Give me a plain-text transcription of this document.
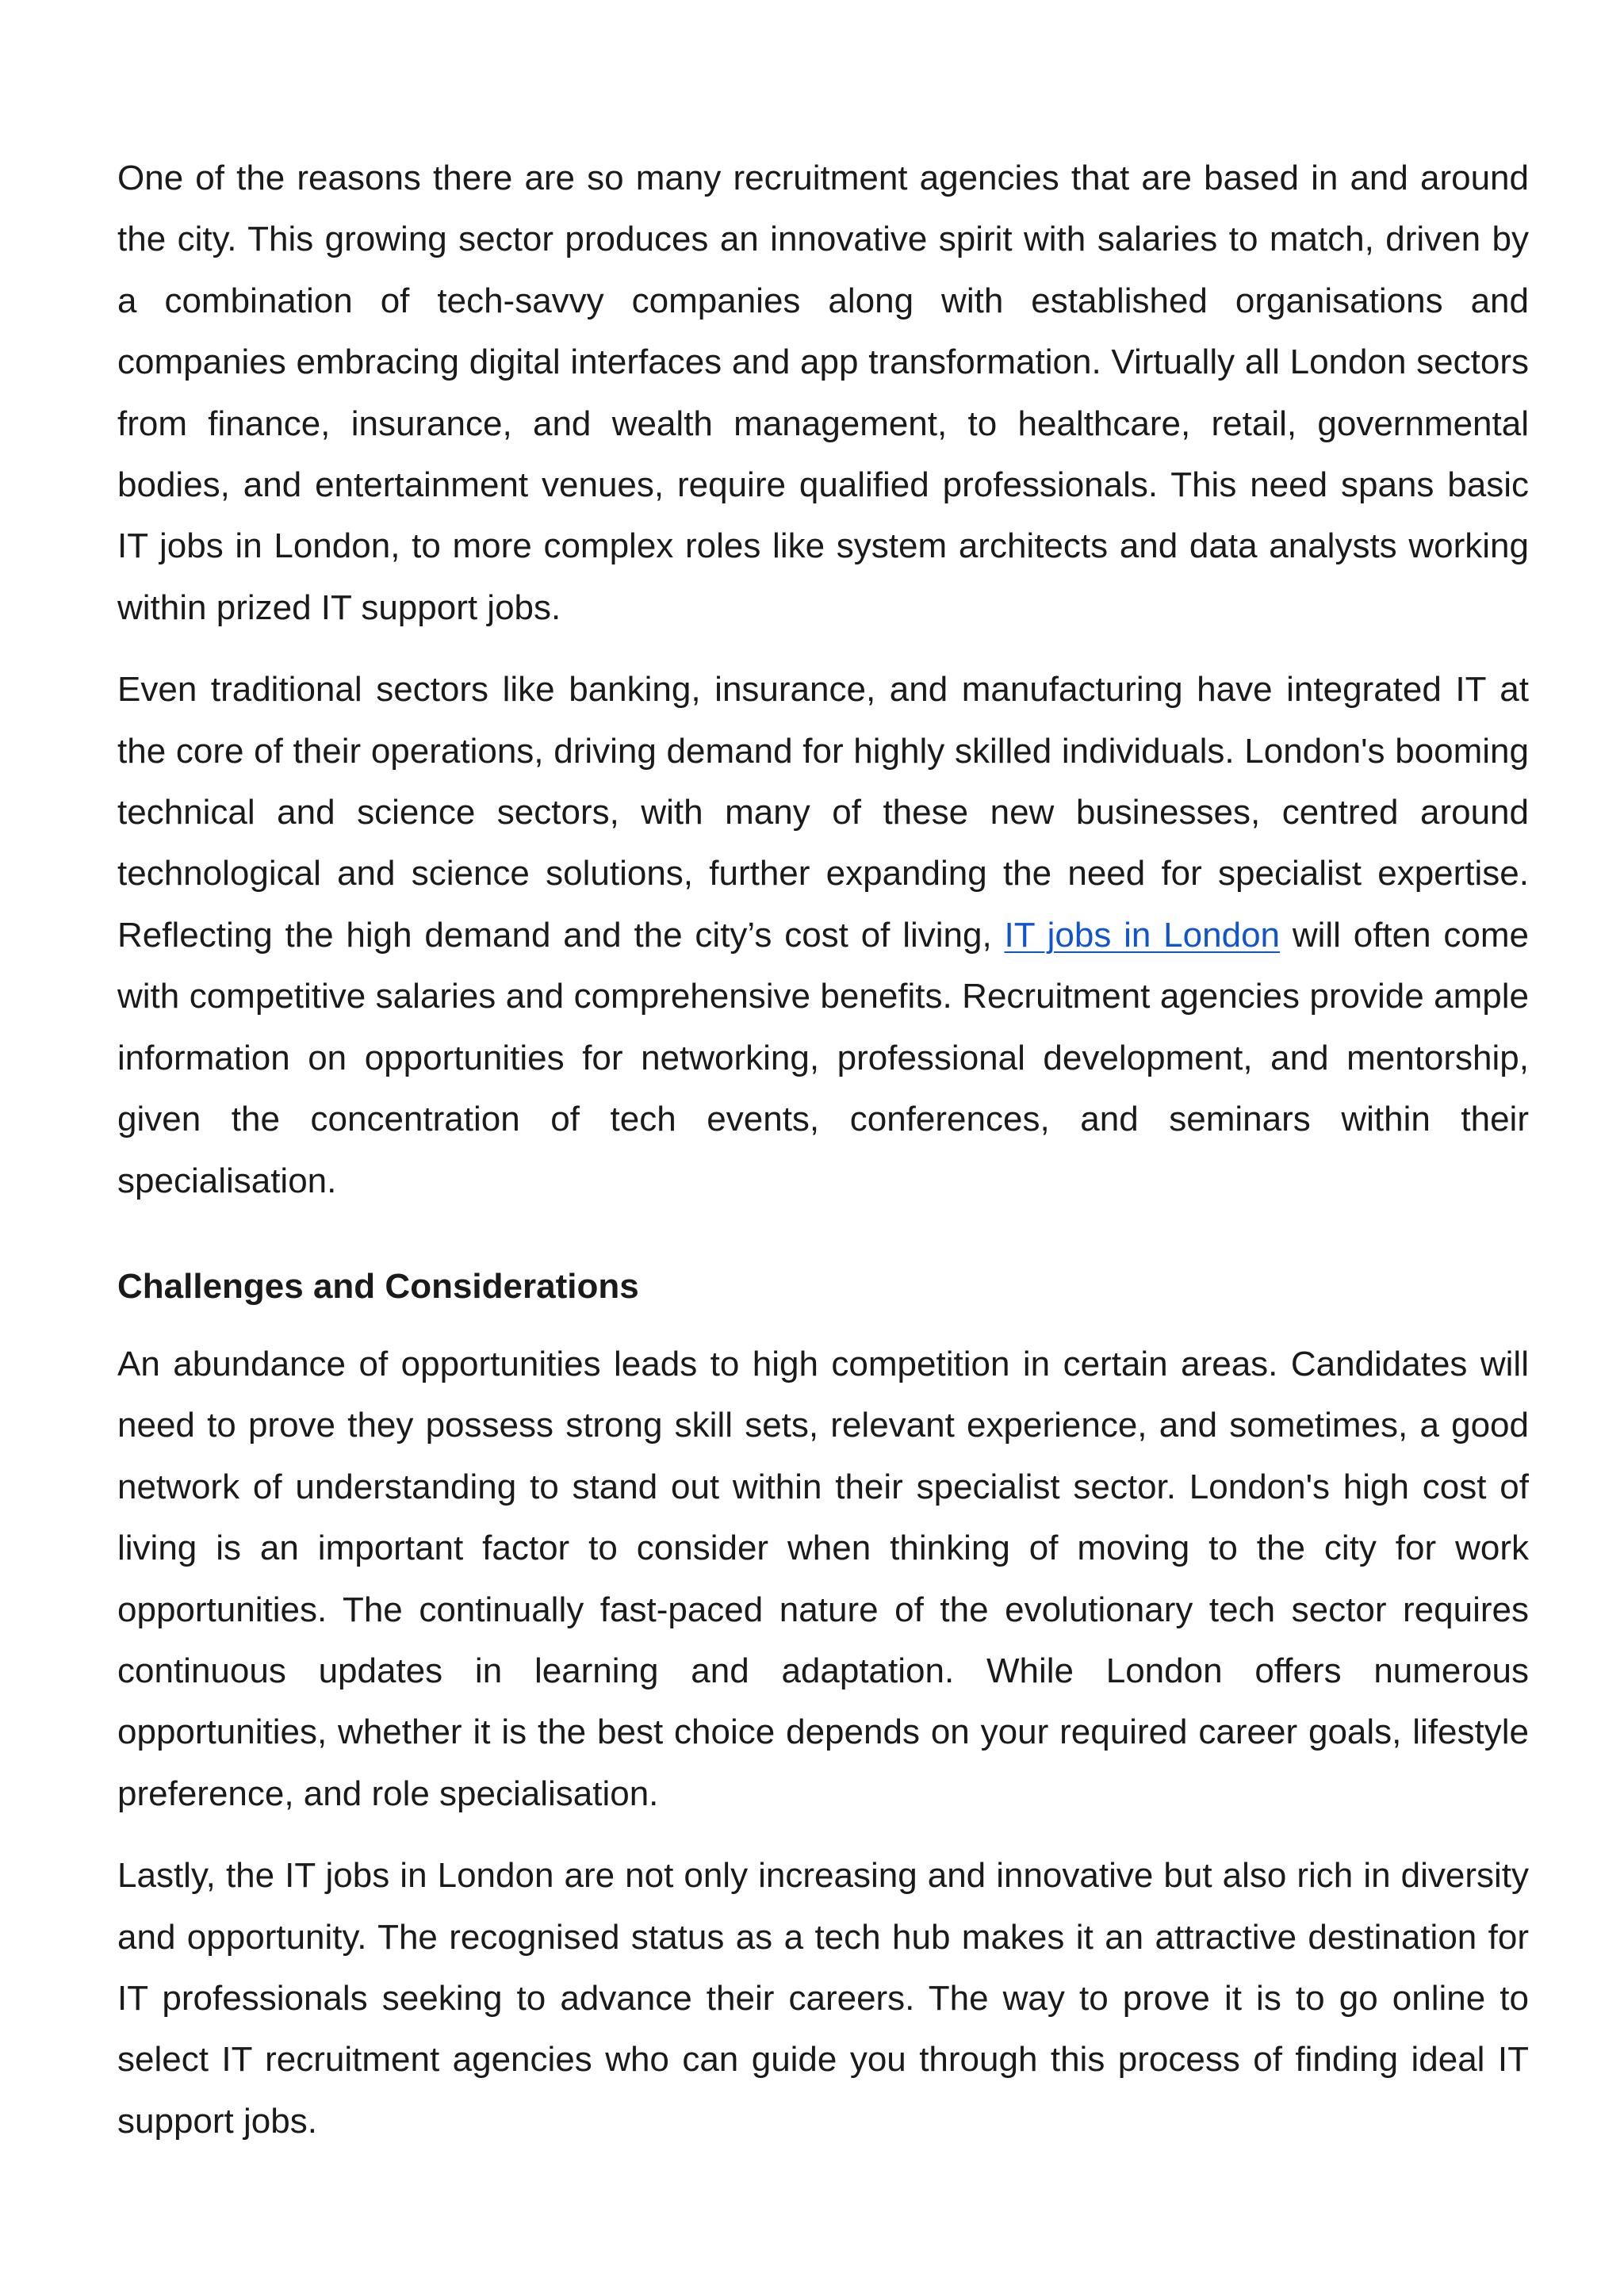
One of the reasons there are so many recruitment agencies that are based in and around the city. This growing sector produces an innovative spirit with salaries to match, driven by a combination of tech-savvy companies along with established organisations and companies embracing digital interfaces and app transformation. Virtually all London sectors from finance, insurance, and wealth management, to healthcare, retail, governmental bodies, and entertainment venues, require qualified professionals. This need spans basic IT jobs in London, to more complex roles like system architects and data analysts working within prized IT support jobs.

Even traditional sectors like banking, insurance, and manufacturing have integrated IT at the core of their operations, driving demand for highly skilled individuals. London's booming technical and science sectors, with many of these new businesses, centred around technological and science solutions, further expanding the need for specialist expertise. Reflecting the high demand and the city’s cost of living, IT jobs in London will often come with competitive salaries and comprehensive benefits. Recruitment agencies provide ample information on opportunities for networking, professional development, and mentorship, given the concentration of tech events, conferences, and seminars within their specialisation.

Challenges and Considerations

An abundance of opportunities leads to high competition in certain areas. Candidates will need to prove they possess strong skill sets, relevant experience, and sometimes, a good network of understanding to stand out within their specialist sector. London's high cost of living is an important factor to consider when thinking of moving to the city for work opportunities. The continually fast-paced nature of the evolutionary tech sector requires continuous updates in learning and adaptation. While London offers numerous opportunities, whether it is the best choice depends on your required career goals, lifestyle preference, and role specialisation.

Lastly, the IT jobs in London are not only increasing and innovative but also rich in diversity and opportunity. The recognised status as a tech hub makes it an attractive destination for IT professionals seeking to advance their careers. The way to prove it is to go online to select IT recruitment agencies who can guide you through this process of finding ideal IT support jobs.
